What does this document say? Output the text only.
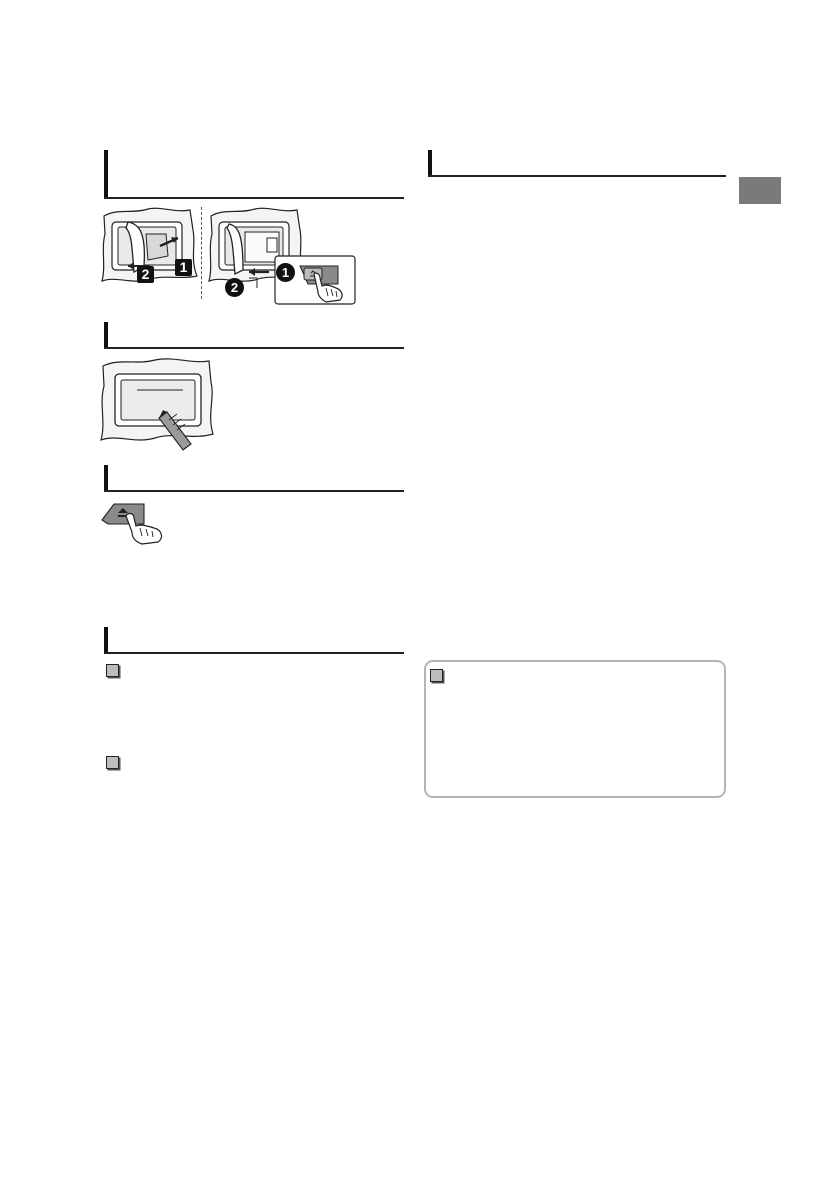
2	1	1
2
